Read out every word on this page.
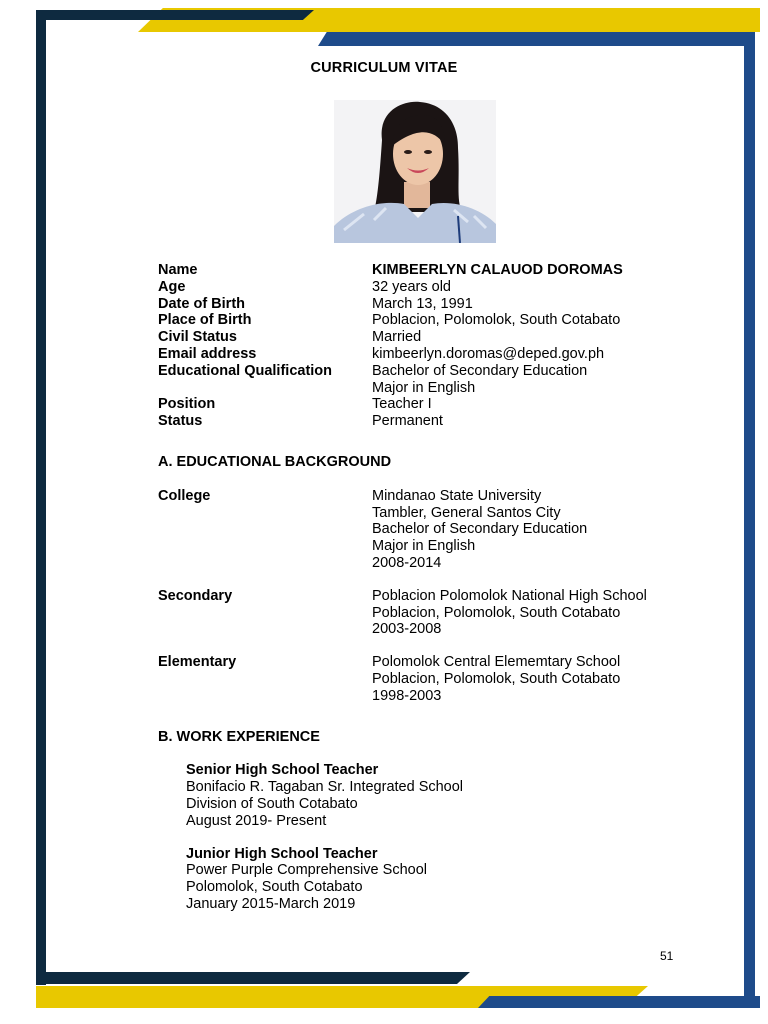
CURRICULUM VITAE
Name	KIMBEERLYN CALAUOD DOROMAS
Age	32 years old
Date of Birth	March 13, 1991
Place of Birth	Poblacion, Polomolok, South Cotabato
Civil Status	Married
Email address	kimbeerlyn.doromas@deped.gov.ph
Educational Qualification	Bachelor of Secondary Education
Major in English
Position	Teacher I
Status	Permanent
A. EDUCATIONAL BACKGROUND
College	Mindanao State University
Tambler, General Santos City
Bachelor of Secondary Education
Major in English
2008-2014
Secondary	Poblacion Polomolok National High School
Poblacion, Polomolok, South Cotabato
2003-2008
Elementary	Polomolok Central Elememtary School
Poblacion, Polomolok, South Cotabato
1998-2003
B. WORK EXPERIENCE
Senior High School Teacher
Bonifacio R. Tagaban Sr. Integrated School
Division of South Cotabato
August 2019- Present
Junior High School Teacher
Power Purple Comprehensive School
Polomolok, South Cotabato
January 2015-March 2019
51
